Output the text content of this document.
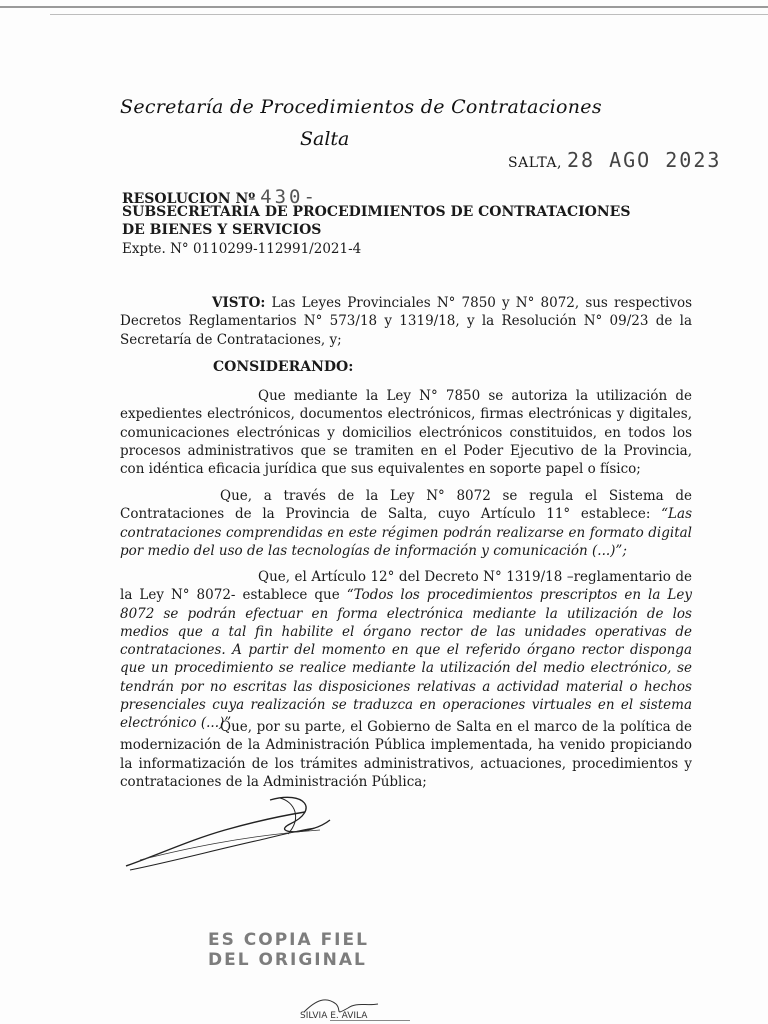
Secretaría de Procedimientos de Contrataciones
Salta
SALTA, 28 AGO 2023
RESOLUCION Nº 430-
SUBSECRETARIA DE PROCEDIMIENTOS DE CONTRATACIONES
DE BIENES Y SERVICIOS
Expte. N° 0110299-112991/2021-4
VISTO: Las Leyes Provinciales N° 7850 y N° 8072, sus respectivos Decretos Reglamentarios N° 573/18 y 1319/18, y la Resolución N° 09/23 de la Secretaría de Contrataciones, y;
CONSIDERANDO:
Que mediante la Ley N° 7850 se autoriza la utilización de expedientes electrónicos, documentos electrónicos, firmas electrónicas y digitales, comunicaciones electrónicas y domicilios electrónicos constituidos, en todos los procesos administrativos que se tramiten en el Poder Ejecutivo de la Provincia, con idéntica eficacia jurídica que sus equivalentes en soporte papel o físico;
Que, a través de la Ley N° 8072 se regula el Sistema de Contrataciones de la Provincia de Salta, cuyo Artículo 11° establece: “Las contrataciones comprendidas en este régimen podrán realizarse en formato digital por medio del uso de las tecnologías de información y comunicación (...)”;
Que, el Artículo 12° del Decreto N° 1319/18 –reglamentario de la Ley N° 8072- establece que “Todos los procedimientos prescriptos en la Ley 8072 se podrán efectuar en forma electrónica mediante la utilización de los medios que a tal fin habilite el órgano rector de las unidades operativas de contrataciones. A partir del momento en que el referido órgano rector disponga que un procedimiento se realice mediante la utilización del medio electrónico, se tendrán por no escritas las disposiciones relativas a actividad material o hechos presenciales cuya realización se traduzca en operaciones virtuales en el sistema electrónico (...)”.
Que, por su parte, el Gobierno de Salta en el marco de la política de modernización de la Administración Pública implementada, ha venido propiciando la informatización de los trámites administrativos, actuaciones, procedimientos y contrataciones de la Administración Pública;
ES COPIA FIEL
DEL ORIGINAL
SILVIA E. AVILA
